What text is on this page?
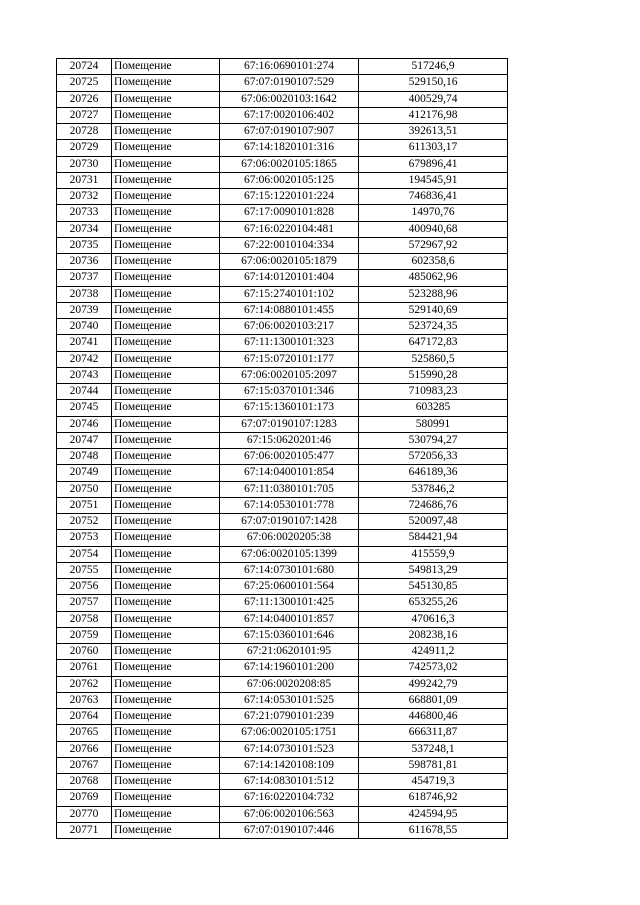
20724	Помещение	67:16:0690101:274	517246,9
20725	Помещение	67:07:0190107:529	529150,16
20726	Помещение	67:06:0020103:1642	400529,74
20727	Помещение	67:17:0020106:402	412176,98
20728	Помещение	67:07:0190107:907	392613,51
20729	Помещение	67:14:1820101:316	611303,17
20730	Помещение	67:06:0020105:1865	679896,41
20731	Помещение	67:06:0020105:125	194545,91
20732	Помещение	67:15:1220101:224	746836,41
20733	Помещение	67:17:0090101:828	14970,76
20734	Помещение	67:16:0220104:481	400940,68
20735	Помещение	67:22:0010104:334	572967,92
20736	Помещение	67:06:0020105:1879	602358,6
20737	Помещение	67:14:0120101:404	485062,96
20738	Помещение	67:15:2740101:102	523288,96
20739	Помещение	67:14:0880101:455	529140,69
20740	Помещение	67:06:0020103:217	523724,35
20741	Помещение	67:11:1300101:323	647172,83
20742	Помещение	67:15:0720101:177	525860,5
20743	Помещение	67:06:0020105:2097	515990,28
20744	Помещение	67:15:0370101:346	710983,23
20745	Помещение	67:15:1360101:173	603285
20746	Помещение	67:07:0190107:1283	580991
20747	Помещение	67:15:0620201:46	530794,27
20748	Помещение	67:06:0020105:477	572056,33
20749	Помещение	67:14:0400101:854	646189,36
20750	Помещение	67:11:0380101:705	537846,2
20751	Помещение	67:14:0530101:778	724686,76
20752	Помещение	67:07:0190107:1428	520097,48
20753	Помещение	67:06:0020205:38	584421,94
20754	Помещение	67:06:0020105:1399	415559,9
20755	Помещение	67:14:0730101:680	549813,29
20756	Помещение	67:25:0600101:564	545130,85
20757	Помещение	67:11:1300101:425	653255,26
20758	Помещение	67:14:0400101:857	470616,3
20759	Помещение	67:15:0360101:646	208238,16
20760	Помещение	67:21:0620101:95	424911,2
20761	Помещение	67:14:1960101:200	742573,02
20762	Помещение	67:06:0020208:85	499242,79
20763	Помещение	67:14:0530101:525	668801,09
20764	Помещение	67:21:0790101:239	446800,46
20765	Помещение	67:06:0020105:1751	666311,87
20766	Помещение	67:14:0730101:523	537248,1
20767	Помещение	67:14:1420108:109	598781,81
20768	Помещение	67:14:0830101:512	454719,3
20769	Помещение	67:16:0220104:732	618746,92
20770	Помещение	67:06:0020106:563	424594,95
20771	Помещение	67:07:0190107:446	611678,55
